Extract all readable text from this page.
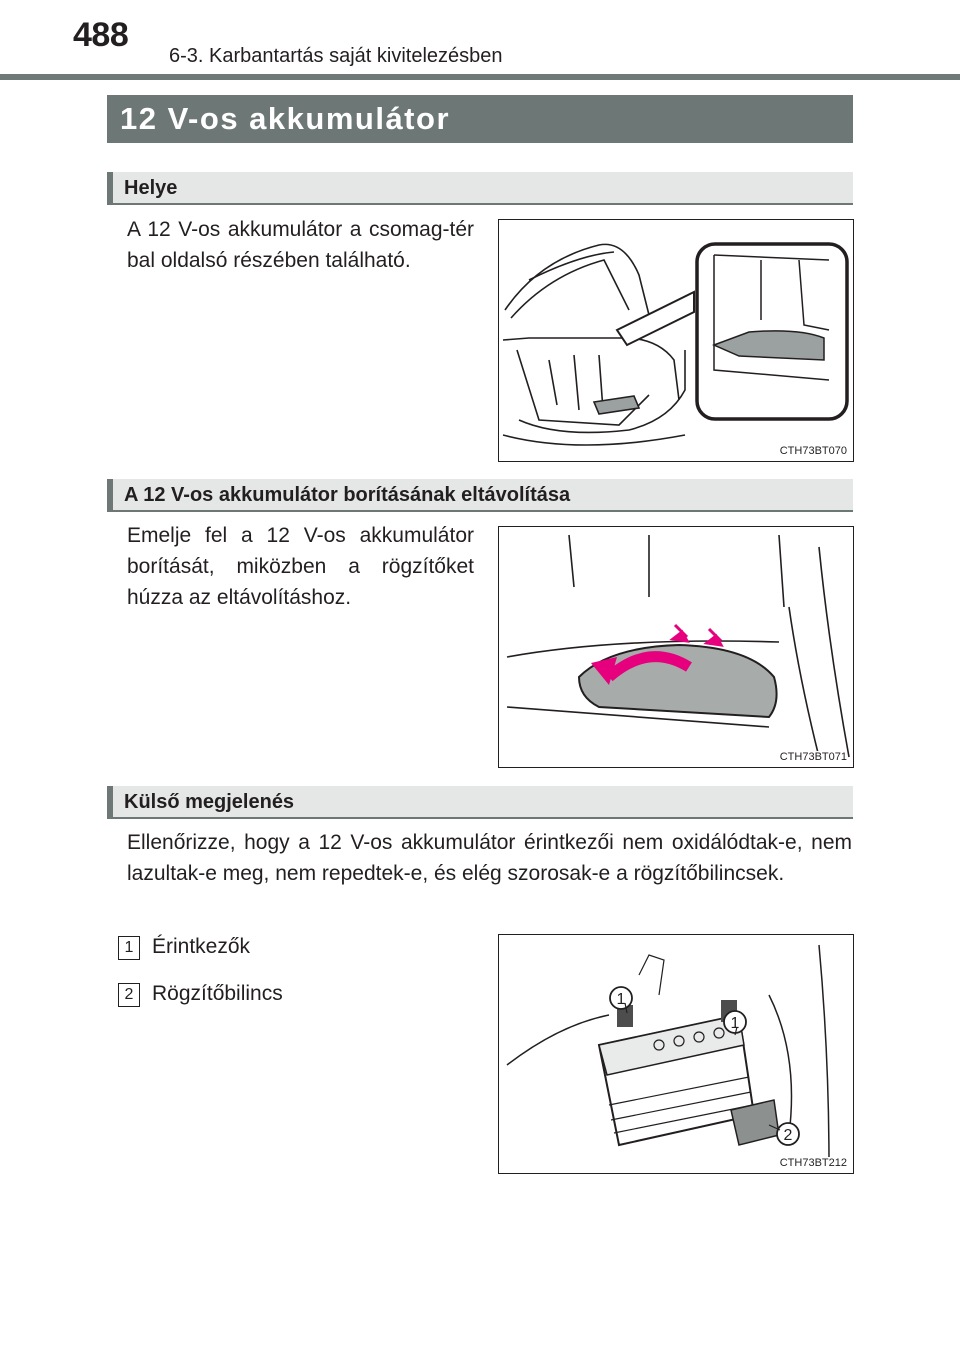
488
6-3. Karbantartás saját kivitelezésben
12 V-os akkumulátor
Helye
A 12 V-os akkumulátor a csomag-tér bal oldalsó részében található.
CTH73BT070
A 12 V-os akkumulátor borításának eltávolítása
Emelje fel a 12 V-os akkumulátor borítását, miközben a rögzítőket húzza az eltávolításhoz.
CTH73BT071
Külső megjelenés
Ellenőrizze, hogy a 12 V-os akkumulátor érintkezői nem oxidálódtak-e, nem lazultak-e meg, nem repedtek-e, és elég szorosak-e a rögzítőbilincsek.
1 Érintkezők
2 Rögzítőbilincs	1
1
2
CTH73BT212
